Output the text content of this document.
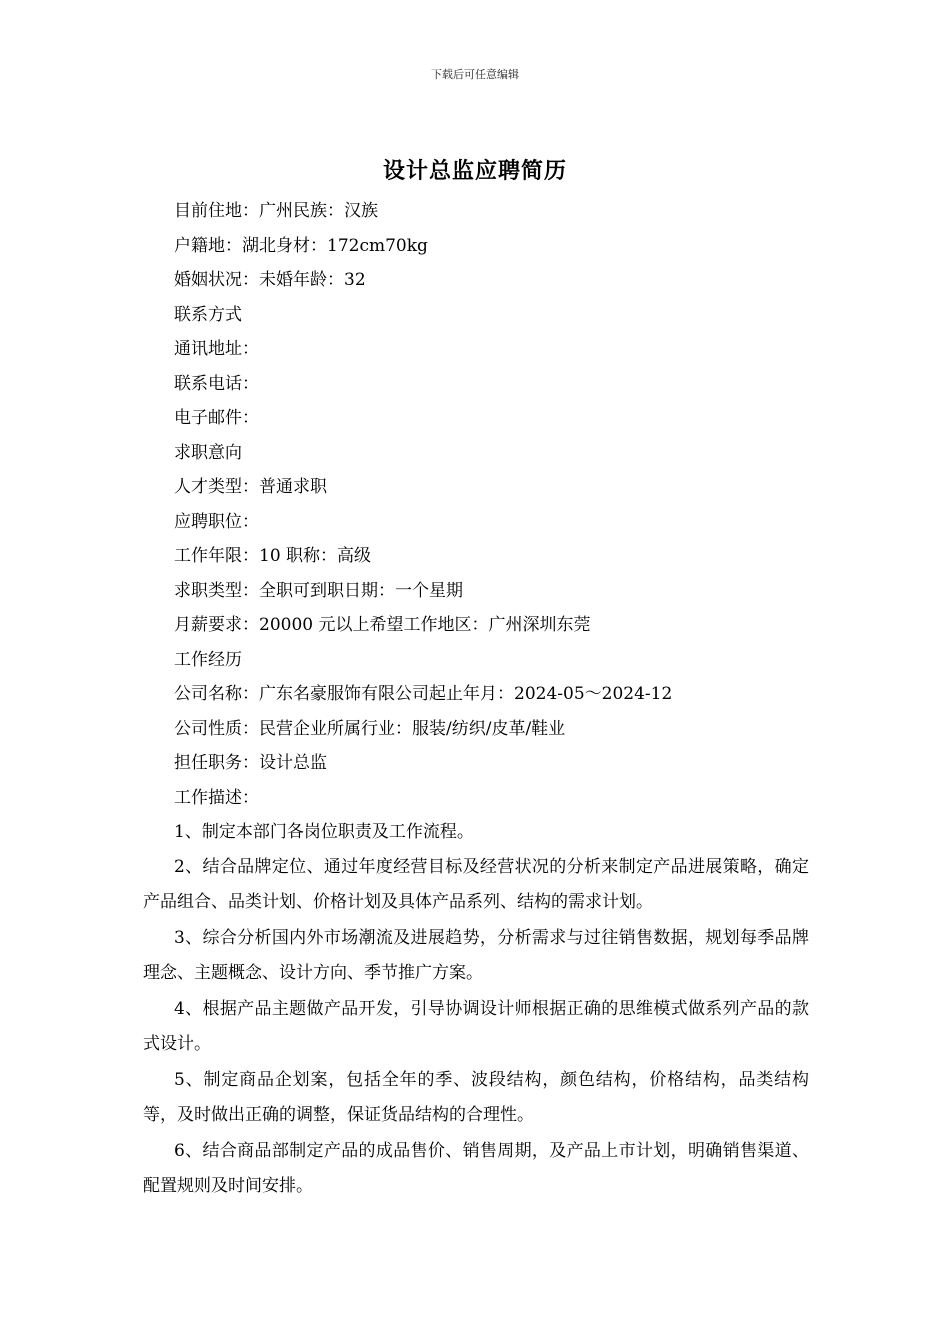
下载后可任意编辑
设计总监应聘简历
目前住地：广州民族：汉族
户籍地：湖北身材：172cm70kg
婚姻状况：未婚年龄：32
联系方式
通讯地址：
联系电话：
电子邮件：
求职意向
人才类型：普通求职
应聘职位：
工作年限：10 职称：高级
求职类型：全职可到职日期：一个星期
月薪要求：20000 元以上希望工作地区：广州深圳东莞
工作经历
公司名称：广东名豪服饰有限公司起止年月：2024-05～2024-12
公司性质：民营企业所属行业：服装/纺织/皮革/鞋业
担任职务：设计总监
工作描述：
1、制定本部门各岗位职责及工作流程。
2、结合品牌定位、通过年度经营目标及经营状况的分析来制定产品进展策略，确定产品组合、品类计划、价格计划及具体产品系列、结构的需求计划。
3、综合分析国内外市场潮流及进展趋势，分析需求与过往销售数据，规划每季品牌理念、主题概念、设计方向、季节推广方案。
4、根据产品主题做产品开发，引导协调设计师根据正确的思维模式做系列产品的款式设计。
5、制定商品企划案，包括全年的季、波段结构，颜色结构，价格结构，品类结构等，及时做出正确的调整，保证货品结构的合理性。
6、结合商品部制定产品的成品售价、销售周期，及产品上市计划，明确销售渠道、配置规则及时间安排。
